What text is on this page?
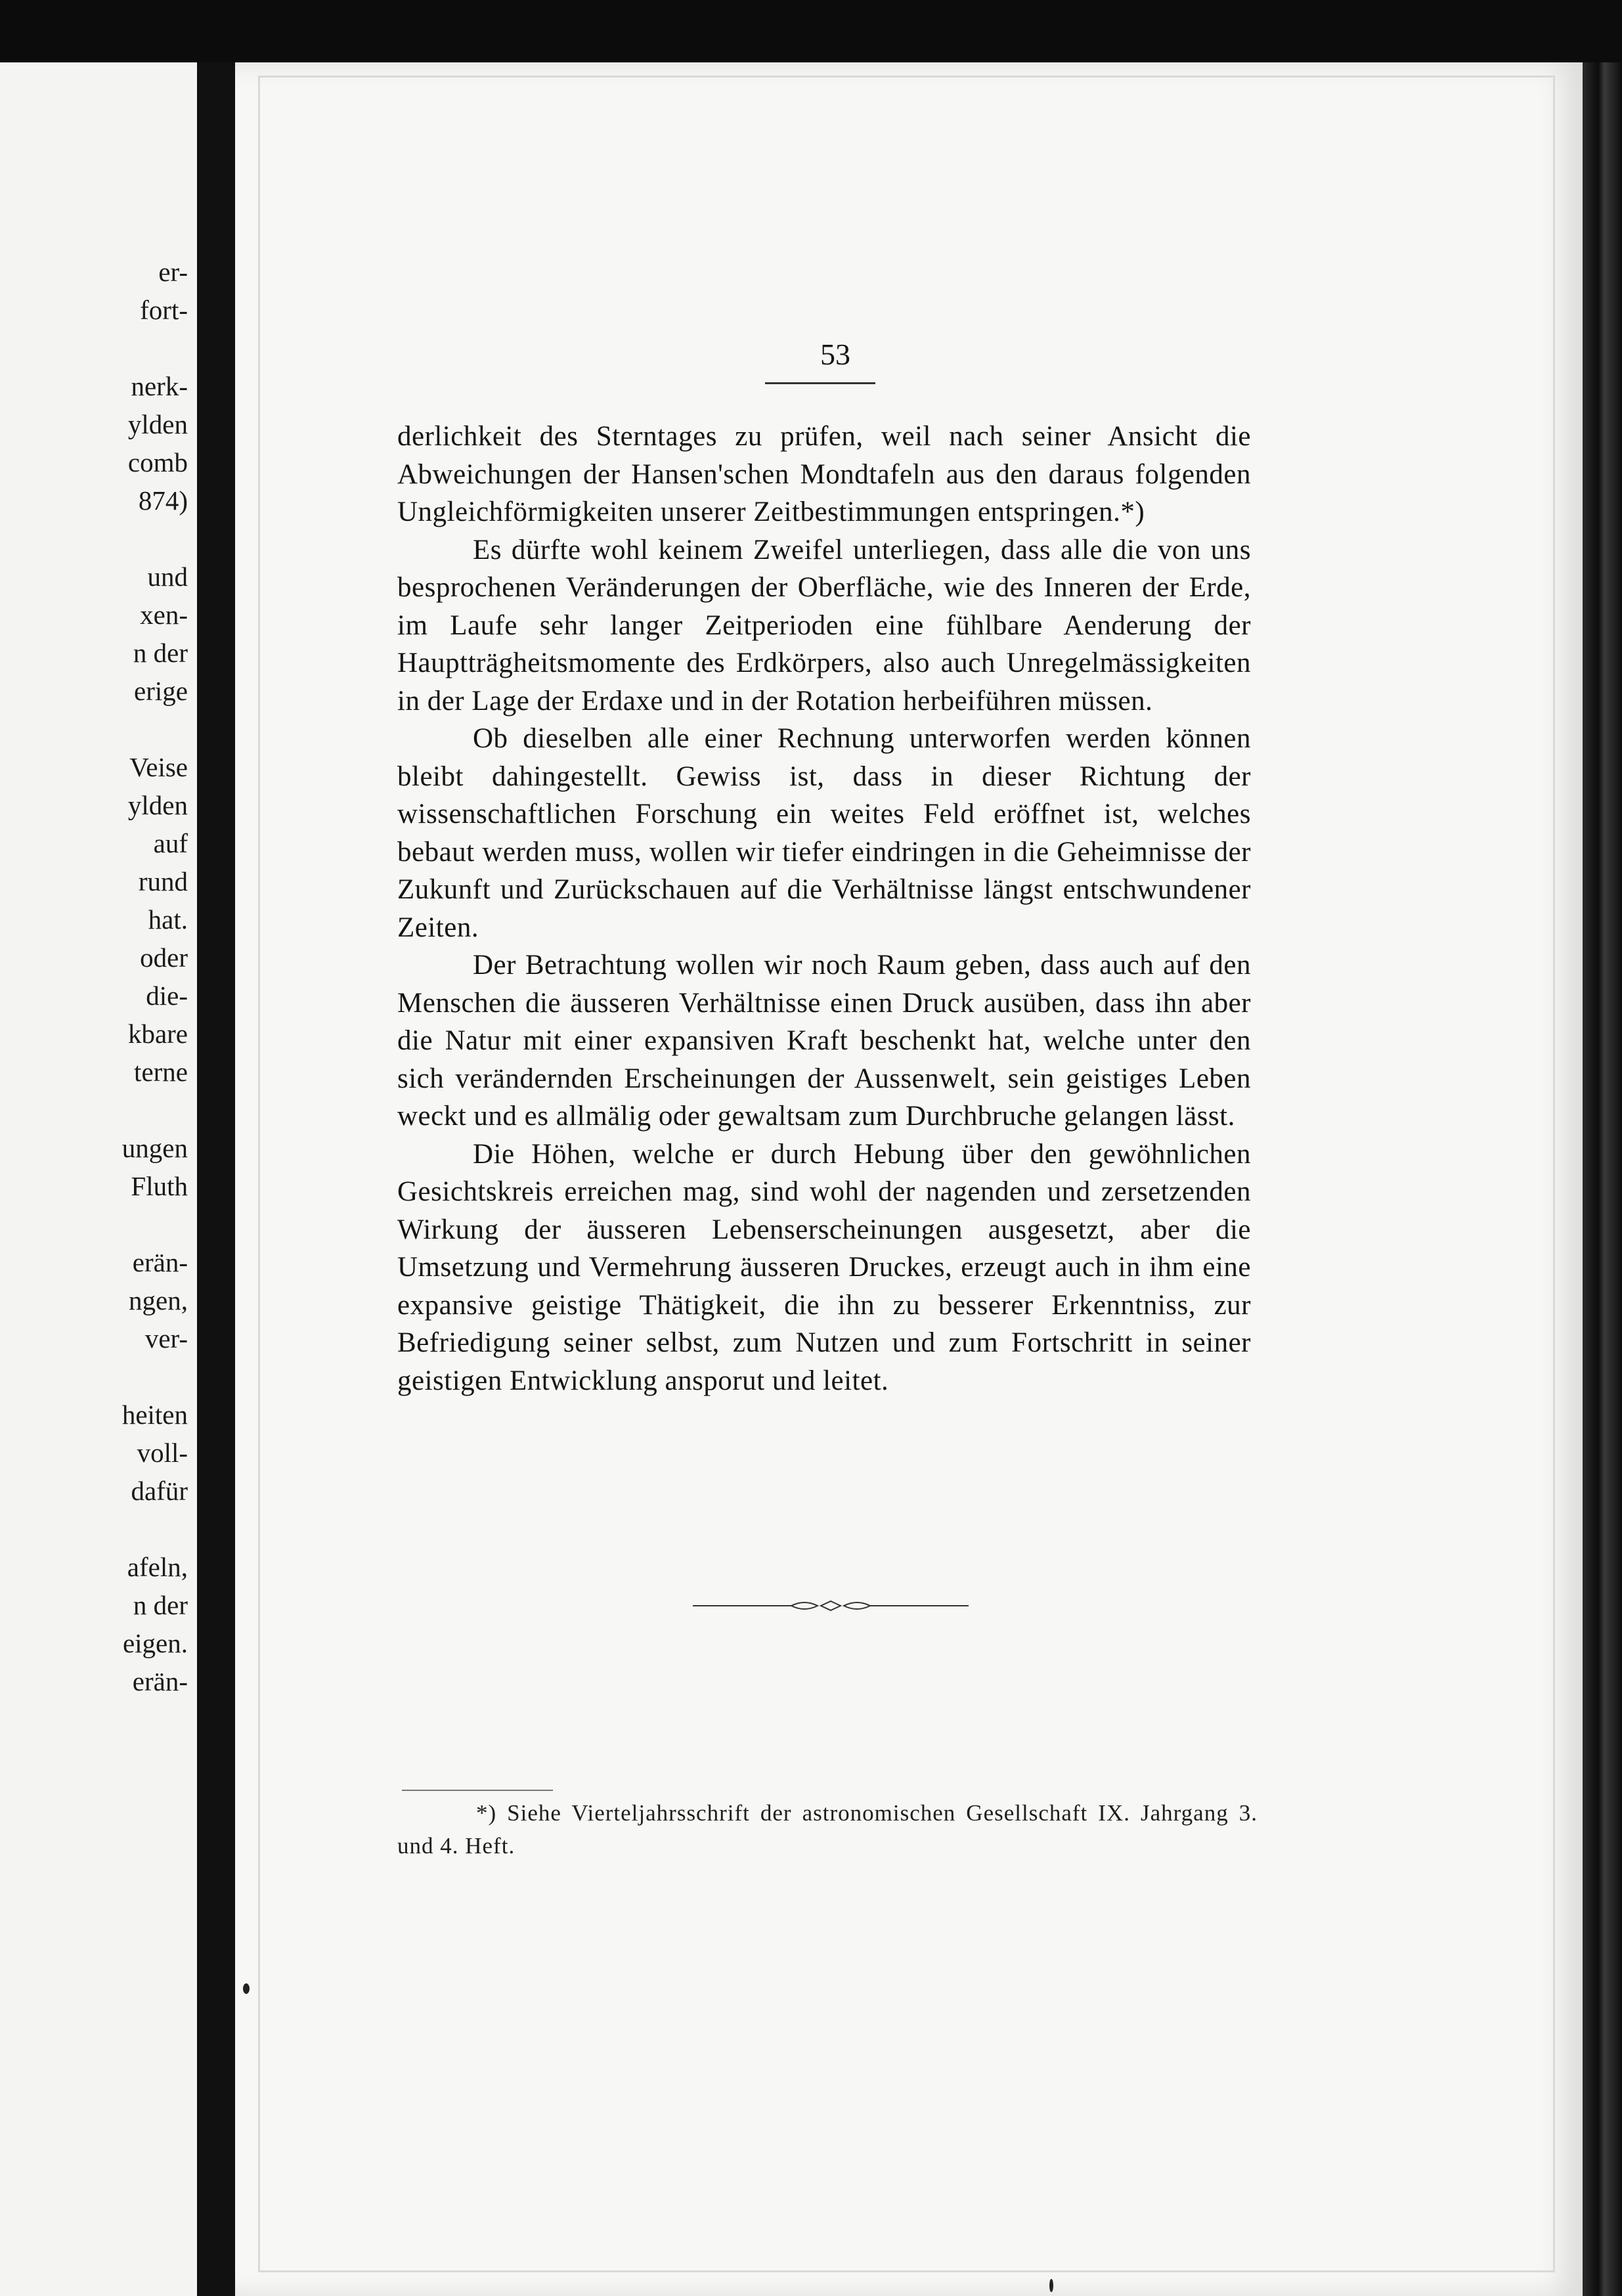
er-
fort-
nerk-
ylden
comb
874)
und
xen-
n der
erige
Veise
ylden
auf
rund
hat.
oder
die-
kbare
terne
ungen
Fluth
erän-
ngen,
ver-
heiten
voll-
dafür
afeln,
n der
eigen.
erän-
53

derlichkeit des Sterntages zu prüfen, weil nach seiner Ansicht die Abweichungen der Hansen'schen Mondtafeln aus den daraus folgenden Ungleichförmigkeiten unserer Zeitbestimmungen entspringen.*)

Es dürfte wohl keinem Zweifel unterliegen, dass alle die von uns besprochenen Veränderungen der Oberfläche, wie des Inneren der Erde, im Laufe sehr langer Zeitperioden eine fühlbare Aenderung der Hauptträgheitsmomente des Erdkörpers, also auch Unregelmässigkeiten in der Lage der Erdaxe und in der Rotation herbeiführen müssen.

Ob dieselben alle einer Rechnung unterworfen werden können bleibt dahingestellt. Gewiss ist, dass in dieser Richtung der wissenschaftlichen Forschung ein weites Feld eröffnet ist, welches bebaut werden muss, wollen wir tiefer eindringen in die Geheimnisse der Zukunft und Zurückschauen auf die Verhältnisse längst entschwundener Zeiten.

Der Betrachtung wollen wir noch Raum geben, dass auch auf den Menschen die äusseren Verhältnisse einen Druck ausüben, dass ihn aber die Natur mit einer expansiven Kraft beschenkt hat, welche unter den sich verändernden Erscheinungen der Aussenwelt, sein geistiges Leben weckt und es allmälig oder gewaltsam zum Durchbruche gelangen lässt.

Die Höhen, welche er durch Hebung über den gewöhnlichen Gesichtskreis erreichen mag, sind wohl der nagenden und zersetzenden Wirkung der äusseren Lebenserscheinungen ausgesetzt, aber die Umsetzung und Vermehrung äusseren Druckes, erzeugt auch in ihm eine expansive geistige Thätigkeit, die ihn zu besserer Erkenntniss, zur Befriedigung seiner selbst, zum Nutzen und zum Fortschritt in seiner geistigen Entwicklung ansporut und leitet.

*) Siehe Vierteljahrsschrift der astronomischen Gesellschaft IX. Jahrgang 3. und 4. Heft.
